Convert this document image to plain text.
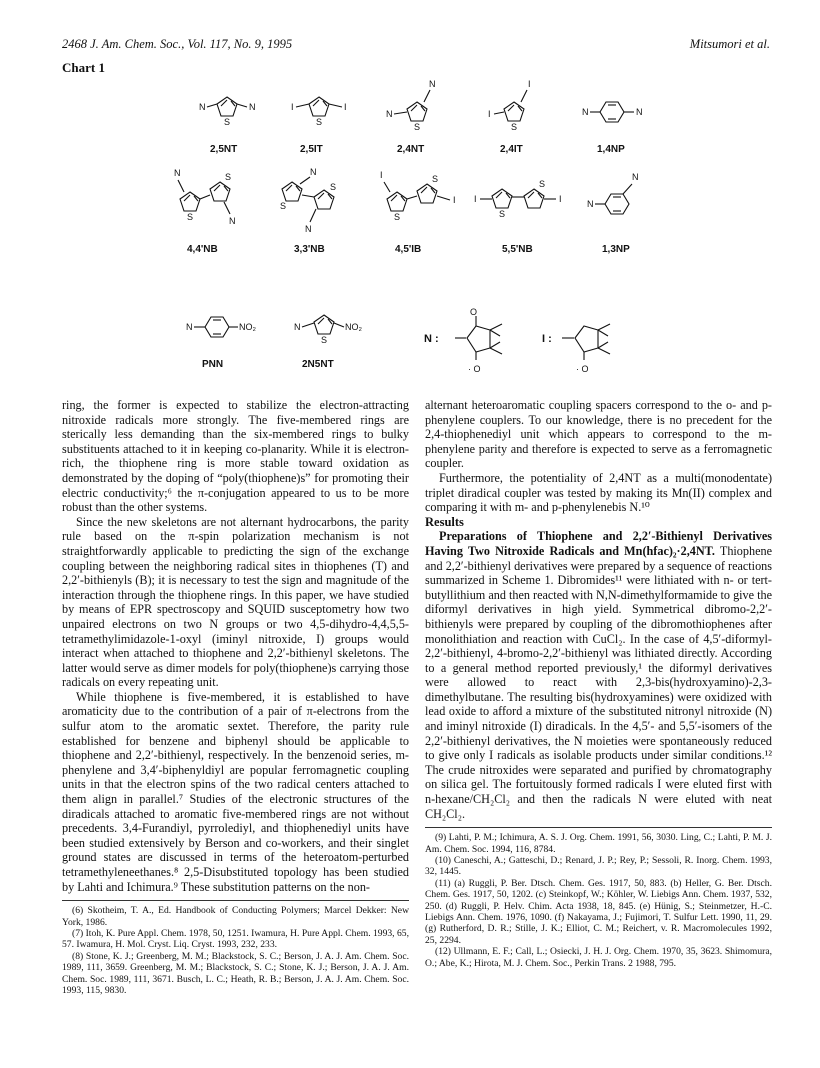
2468 J. Am. Chem. Soc., Vol. 117, No. 9, 1995	Mitsumori et al.
Chart 1
N	N
S
2,5NT
I	I
S
2,5IT
N
N
S
2,4NT
I
I
S
2,4IT
N	N
1,4NP
N
N
S
S
4,4'NB
N
N
S
S
3,3'NB
I
I
S
S
4,5'IB
I	I
S
S
5,5'NB
N
N
1,3NP
N	NO₂
PNN
N	NO₂
S
2N5NT
N :
O
· O
I :
· O

ring, the former is expected to stabilize the electron-attracting nitroxide radicals more strongly. The five-membered rings are sterically less demanding than the six-membered rings to bulky substituents attached to it in keeping co-planarity. While it is electron-rich, the thiophene ring is more stable toward oxidation as demonstrated by the doping of “poly(thiophene)s” for promoting their electric conductivity;⁶ the π-conjugation appeared to us to be more robust than the other systems.

Since the new skeletons are not alternant hydrocarbons, the parity rule based on the π-spin polarization mechanism is not straightforwardly applicable to predicting the sign of the exchange coupling between the neighboring radical sites in thiophenes (T) and 2,2′-bithienyls (B); it is necessary to test the sign and magnitude of the interaction through the thiophene rings. In this paper, we have studied by means of EPR spectroscopy and SQUID susceptometry how two unpaired electrons on two N groups or two 4,5-dihydro-4,4,5,5-tetramethylimidazole-1-oxyl (iminyl nitroxide, I) groups would interact when attached to thiophene and 2,2′-bithienyl skeletons. The latter would serve as dimer models for poly(thiophene)s carrying those radicals on every repeating unit.

While thiophene is five-membered, it is established to have aromaticity due to the contribution of a pair of π-electrons from the sulfur atom to the aromatic sextet. Therefore, the parity rule established for benzene and biphenyl should be applicable to thiophene and 2,2′-bithienyl, respectively. In the benzenoid series, m-phenylene and 3,4′-biphenyldiyl are popular ferromagnetic coupling units in that the electron spins of the two radical centers attached to them align in parallel.⁷ Studies of the electronic structures of the diradicals attached to aromatic five-membered rings are not without precedents. 3,4-Furandiyl, pyrrolediyl, and thiophenediyl units have been studied extensively by Berson and co-workers, and their singlet ground states are discussed in terms of the heteroatom-perturbed tetramethyleneethanes.⁸ 2,5-Disubstituted topology has been studied by Lahti and Ichimura.⁹ These substitution patterns on the non-

(6) Skotheim, T. A., Ed. Handbook of Conducting Polymers; Marcel Dekker: New York, 1986.

(7) Itoh, K. Pure Appl. Chem. 1978, 50, 1251. Iwamura, H. Pure Appl. Chem. 1993, 65, 57. Iwamura, H. Mol. Cryst. Liq. Cryst. 1993, 232, 233.

(8) Stone, K. J.; Greenberg, M. M.; Blackstock, S. C.; Berson, J. A. J. Am. Chem. Soc. 1989, 111, 3659. Greenberg, M. M.; Blackstock, S. C.; Stone, K. J.; Berson, J. A. J. Am. Chem. Soc. 1989, 111, 3671. Busch, L. C.; Heath, R. B.; Berson, J. A. J. Am. Chem. Soc. 1993, 115, 9830.

alternant heteroaromatic coupling spacers correspond to the o- and p-phenylene couplers. To our knowledge, there is no precedent for the 2,4-thiophenediyl unit which appears to correspond to the m-phenylene parity and therefore is expected to serve as a ferromagnetic coupler.

Furthermore, the potentiality of 2,4NT as a multi(monodentate) triplet diradical coupler was tested by making its Mn(II) complex and comparing it with m- and p-phenylenebis N.¹⁰

Results

Preparations of Thiophene and 2,2′-Bithienyl Derivatives Having Two Nitroxide Radicals and Mn(hfac)₂·2,4NT. Thiophene and 2,2′-bithienyl derivatives were prepared by a sequence of reactions summarized in Scheme 1. Dibromides¹¹ were lithiated with n- or tert-butyllithium and then reacted with N,N-dimethylformamide to give the diformyl derivatives in high yield. Symmetrical dibromo-2,2′-bithienyls were prepared by coupling of the dibromothiophenes after monolithiation and reaction with CuCl₂. In the case of 4,5′-diformyl-2,2′-bithienyl, 4-bromo-2,2′-bithienyl was lithiated directly. According to a general method reported previously,¹ the diformyl derivatives were allowed to react with 2,3-bis(hydroxyamino)-2,3-dimethylbutane. The resulting bis(hydroxyamines) were oxidized with lead oxide to afford a mixture of the substituted nitronyl nitroxide (N) and iminyl nitroxide (I) diradicals. In the 4,5′- and 5,5′-isomers of the 2,2′-bithienyl derivatives, the N moieties were spontaneously reduced to give only I radicals as isolable products under similar conditions.¹² The crude nitroxides were separated and purified by chromatography on silica gel. The fortuitously formed radicals I were eluted first with n-hexane/CH₂Cl₂ and then the radicals N were eluted with neat CH₂Cl₂.

(9) Lahti, P. M.; Ichimura, A. S. J. Org. Chem. 1991, 56, 3030. Ling, C.; Lahti, P. M. J. Am. Chem. Soc. 1994, 116, 8784.

(10) Caneschi, A.; Gatteschi, D.; Renard, J. P.; Rey, P.; Sessoli, R. Inorg. Chem. 1993, 32, 1445.

(11) (a) Ruggli, P. Ber. Dtsch. Chem. Ges. 1917, 50, 883. (b) Heller, G. Ber. Dtsch. Chem. Ges. 1917, 50, 1202. (c) Steinkopf, W.; Köhler, W. Liebigs Ann. Chem. 1937, 532, 250. (d) Ruggli, P. Helv. Chim. Acta 1938, 18, 845. (e) Hünig, S.; Steinmetzer, H.-C. Liebigs Ann. Chem. 1976, 1090. (f) Nakayama, J.; Fujimori, T. Sulfur Lett. 1990, 11, 29. (g) Rutherford, D. R.; Stille, J. K.; Elliot, C. M.; Reichert, v. R. Macromolecules 1992, 25, 2294.

(12) Ullmann, E. F.; Call, L.; Osiecki, J. H. J. Org. Chem. 1970, 35, 3623. Shimomura, O.; Abe, K.; Hirota, M. J. Chem. Soc., Perkin Trans. 2 1988, 795.
